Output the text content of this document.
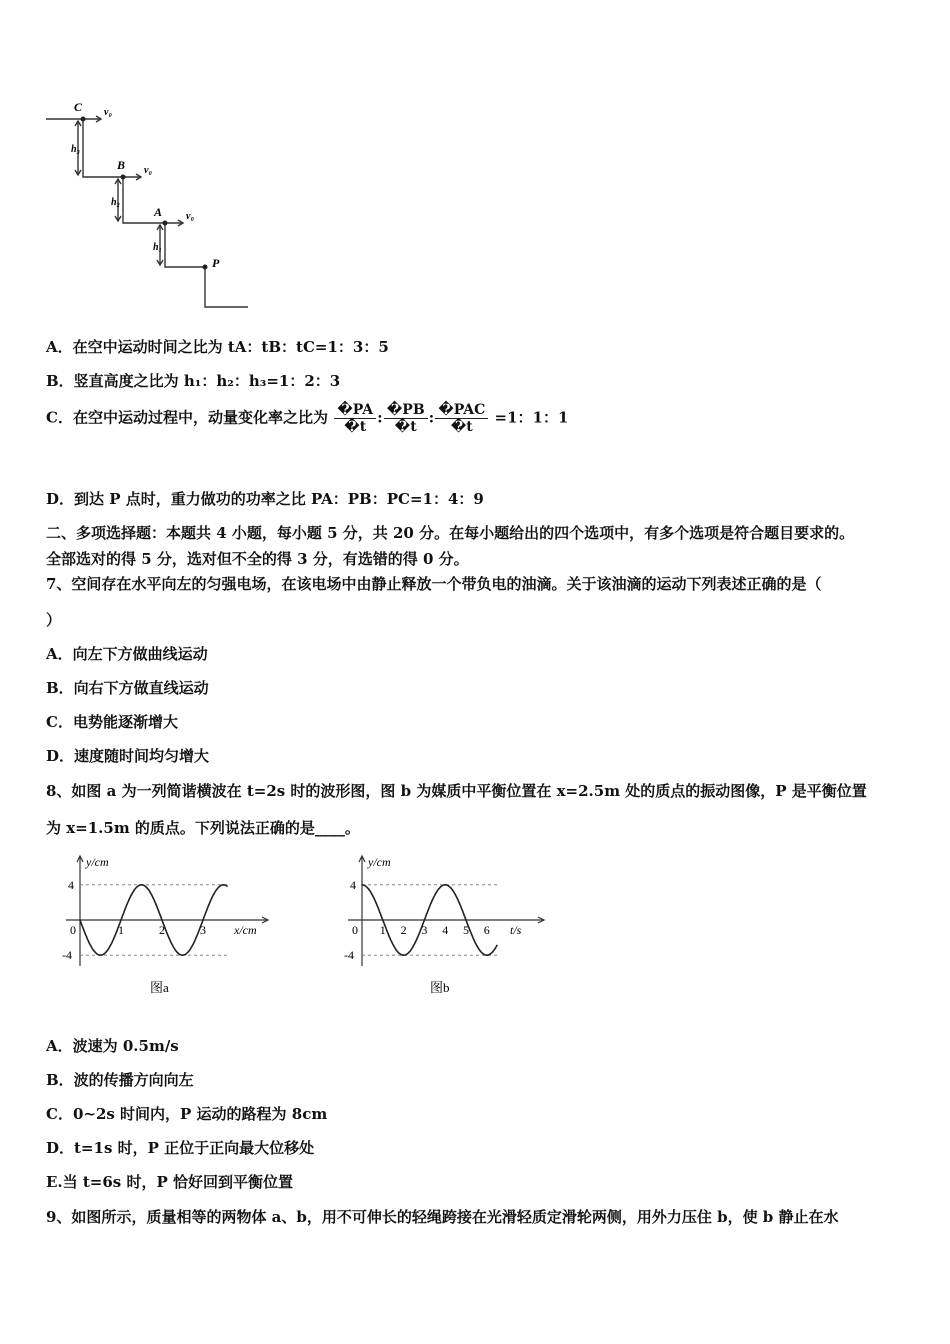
C
B
A
P
v₀
v₀
v₀
h₃
h₂
h₁
A．在空中运动时间之比为 tA：tB：tC=1：3：5
B．竖直高度之比为 h₁：h₂：h₃=1：2：3
C．在空中运动过程中，动量变化率之比为 $\frac{�PA}{�t}$ : $\frac{�PB}{�t}$ : $\frac{\text{�PAC}}{�t} =1$：1：1
D．到达 P 点时，重力做功的功率之比 PA：PB：PC=1：4：9
二、多项选择题：本题共 4 小题，每小题 5 分，共 20 分。在每小题给出的四个选项中，有多个选项是符合题目要求的。
全部选对的得 5 分，选对但不全的得 3 分，有选错的得 0 分。
7、空间存在水平向左的匀强电场，在该电场中由静止释放一个带负电的油滴。关于该油滴的运动下列表述正确的是（
）
A．向左下方做曲线运动
B．向右下方做直线运动
C．电势能逐渐增大
D．速度随时间均匀增大
8、如图 a 为一列简谐横波在 t=2s 时的波形图，图 b 为媒质中平衡位置在 x=2.5m 处的质点的振动图像，P 是平衡位置
为 x=1.5m 的质点。下列说法正确的是____。
0	1	2	3
4
-4
x/cm
y/cm
图a
0 1 2 3 4 5 6
4
-4
t/s
y/cm
图b
A．波速为 0.5m/s
B．波的传播方向向左
C．0~2s 时间内，P 运动的路程为 8cm
D．t=1s 时，P 正位于正向最大位移处
E.当 t=6s 时，P 恰好回到平衡位置
9、如图所示，质量相等的两物体 a、b，用不可伸长的轻绳跨接在光滑轻质定滑轮两侧，用外力压住 b，使 b 静止在水
